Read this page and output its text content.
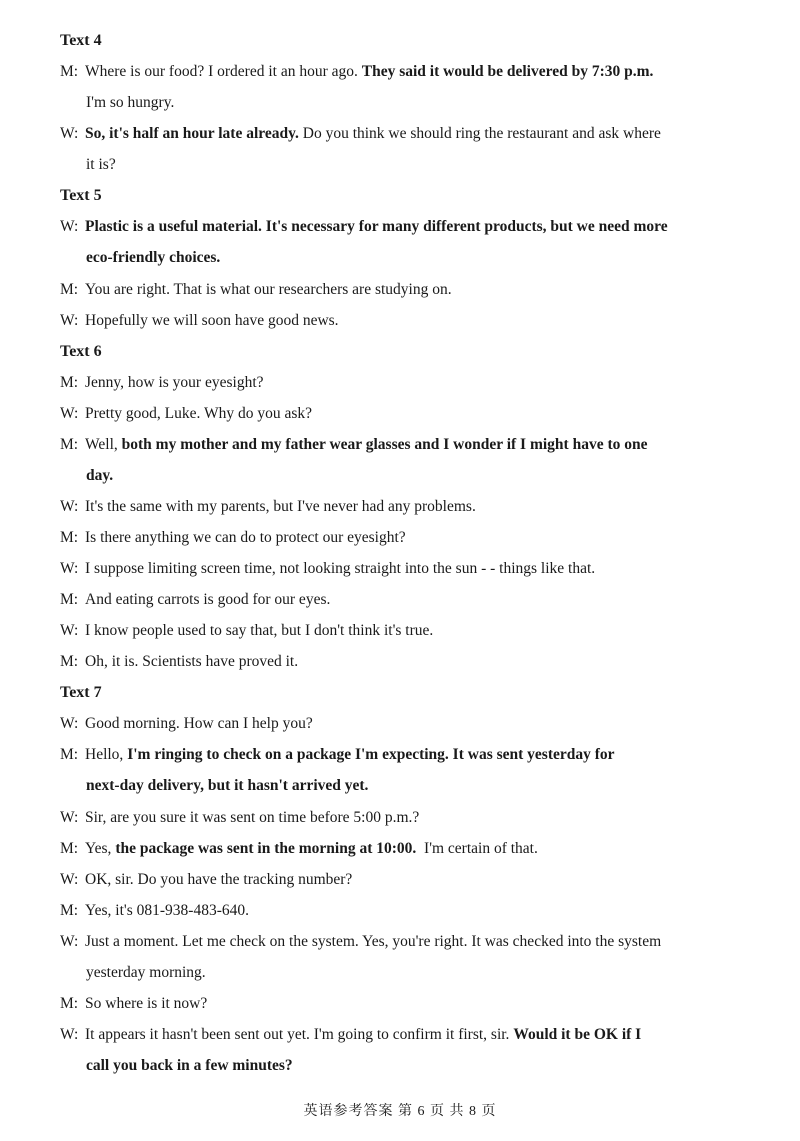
Text 4
M: Where is our food? I ordered it an hour ago. They said it would be delivered by 7:30 p.m.
I'm so hungry.
W: So, it's half an hour late already. Do you think we should ring the restaurant and ask where
it is?
Text 5
W: Plastic is a useful material. It's necessary for many different products, but we need more
eco-friendly choices.
M: You are right. That is what our researchers are studying on.
W: Hopefully we will soon have good news.
Text 6
M: Jenny, how is your eyesight?
W: Pretty good, Luke. Why do you ask?
M: Well, both my mother and my father wear glasses and I wonder if I might have to one
day.
W: It's the same with my parents, but I've never had any problems.
M: Is there anything we can do to protect our eyesight?
W: I suppose limiting screen time, not looking straight into the sun - - things like that.
M: And eating carrots is good for our eyes.
W: I know people used to say that, but I don't think it's true.
M: Oh, it is. Scientists have proved it.
Text 7
W: Good morning. How can I help you?
M: Hello, I'm ringing to check on a package I'm expecting. It was sent yesterday for
next-day delivery, but it hasn't arrived yet.
W: Sir, are you sure it was sent on time before 5:00 p.m.?
M: Yes, the package was sent in the morning at 10:00.  I'm certain of that.
W: OK, sir. Do you have the tracking number?
M: Yes, it's 081-938-483-640.
W: Just a moment. Let me check on the system. Yes, you're right. It was checked into the system
yesterday morning.
M: So where is it now?
W: It appears it hasn't been sent out yet. I'm going to confirm it first, sir. Would it be OK if I
call you back in a few minutes?
英语参考答案 第 6 页 共 8 页
